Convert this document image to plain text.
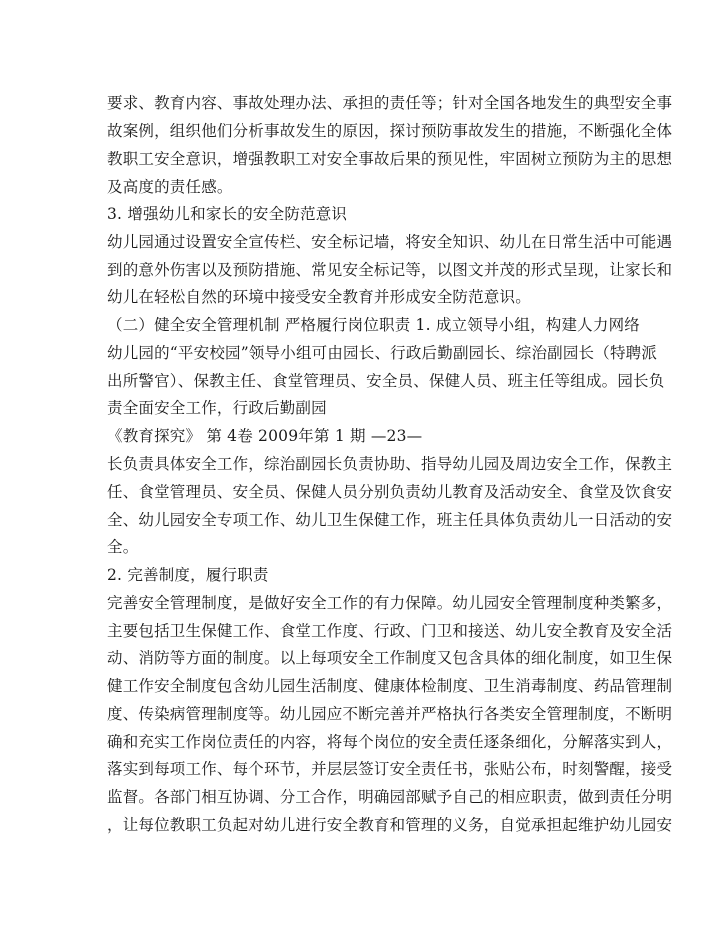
要求、教育内容、事故处理办法、承担的责任等；针对全国各地发生的典型安全事
故案例，组织他们分析事故发生的原因，探讨预防事故发生的措施，不断强化全体
教职工安全意识，增强教职工对安全事故后果的预见性，牢固树立预防为主的思想
及高度的责任感。
3. 增强幼儿和家长的安全防范意识
幼儿园通过设置安全宣传栏、安全标记墙，将安全知识、幼儿在日常生活中可能遇
到的意外伤害以及预防措施、常见安全标记等，以图文并茂的形式呈现，让家长和
幼儿在轻松自然的环境中接受安全教育并形成安全防范意识。
（二）健全安全管理机制 严格履行岗位职责 1. 成立领导小组，构建人力网络
幼儿园的“平安校园”领导小组可由园长、行政后勤副园长、综治副园长（特聘派
出所警官）、保教主任、食堂管理员、安全员、保健人员、班主任等组成。园长负
责全面安全工作，行政后勤副园
《教育探究》 第 4卷 2009年第 1 期 —23—
长负责具体安全工作，综治副园长负责协助、指导幼儿园及周边安全工作，保教主
任、食堂管理员、安全员、保健人员分别负责幼儿教育及活动安全、食堂及饮食安
全、幼儿园安全专项工作、幼儿卫生保健工作，班主任具体负责幼儿一日活动的安
全。
2. 完善制度，履行职责
完善安全管理制度，是做好安全工作的有力保障。幼儿园安全管理制度种类繁多，
主要包括卫生保健工作、食堂工作度、行政、门卫和接送、幼儿安全教育及安全活
动、消防等方面的制度。以上每项安全工作制度又包含具体的细化制度，如卫生保
健工作安全制度包含幼儿园生活制度、健康体检制度、卫生消毒制度、药品管理制
度、传染病管理制度等。幼儿园应不断完善并严格执行各类安全管理制度，不断明
确和充实工作岗位责任的内容，将每个岗位的安全责任逐条细化，分解落实到人，
落实到每项工作、每个环节，并层层签订安全责任书，张贴公布，时刻警醒，接受
监督。各部门相互协调、分工合作，明确园部赋予自己的相应职责，做到责任分明
，让每位教职工负起对幼儿进行安全教育和管理的义务，自觉承担起维护幼儿园安
